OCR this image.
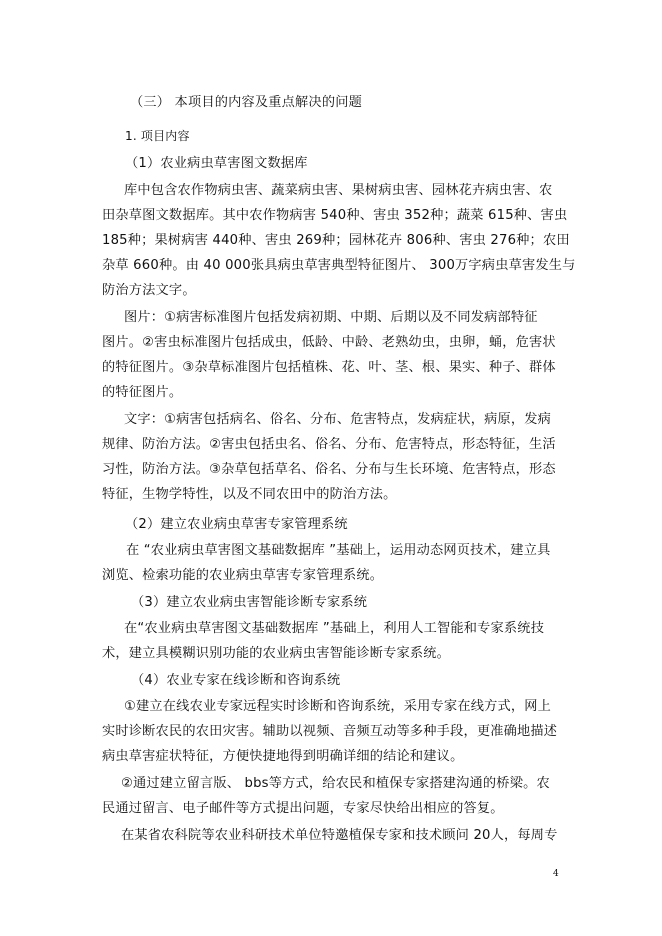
（三） 本项目的内容及重点解决的问题
1. 项目内容
（1）农业病虫草害图文数据库
库中包含农作物病虫害、蔬菜病虫害、果树病虫害、园林花卉病虫害、农
田杂草图文数据库。其中农作物病害 540种、害虫 352种；蔬菜 615种、害虫
185种；果树病害 440种、害虫 269种；园林花卉 806种、害虫 276种；农田
杂草 660种。由 40 000张具病虫草害典型特征图片、 300万字病虫草害发生与
防治方法文字。
图片：①病害标准图片包括发病初期、中期、后期以及不同发病部特征
图片。②害虫标准图片包括成虫，低龄、中龄、老熟幼虫，虫卵，蛹，危害状
的特征图片。③杂草标准图片包括植株、花、叶、茎、根、果实、种子、群体
的特征图片。
文字：①病害包括病名、俗名、分布、危害特点，发病症状，病原，发病
规律、防治方法。②害虫包括虫名、俗名、分布、危害特点，形态特征，生活
习性，防治方法。③杂草包括草名、俗名、分布与生长环境、危害特点，形态
特征，生物学特性，以及不同农田中的防治方法。
（2）建立农业病虫草害专家管理系统
在 “农业病虫草害图文基础数据库 ”基础上，运用动态网页技术，建立具
浏览、检索功能的农业病虫草害专家管理系统。
（3）建立农业病虫害智能诊断专家系统
在“农业病虫草害图文基础数据库 ”基础上，利用人工智能和专家系统技
术，建立具模糊识别功能的农业病虫害智能诊断专家系统。
（4）农业专家在线诊断和咨询系统
①建立在线农业专家远程实时诊断和咨询系统，采用专家在线方式，网上
实时诊断农民的农田灾害。辅助以视频、音频互动等多种手段，更准确地描述
病虫草害症状特征，方便快捷地得到明确详细的结论和建议。
②通过建立留言版、 bbs等方式，给农民和植保专家搭建沟通的桥梁。农
民通过留言、电子邮件等方式提出问题，专家尽快给出相应的答复。
在某省农科院等农业科研技术单位特邀植保专家和技术顾问 20人，每周专
4
